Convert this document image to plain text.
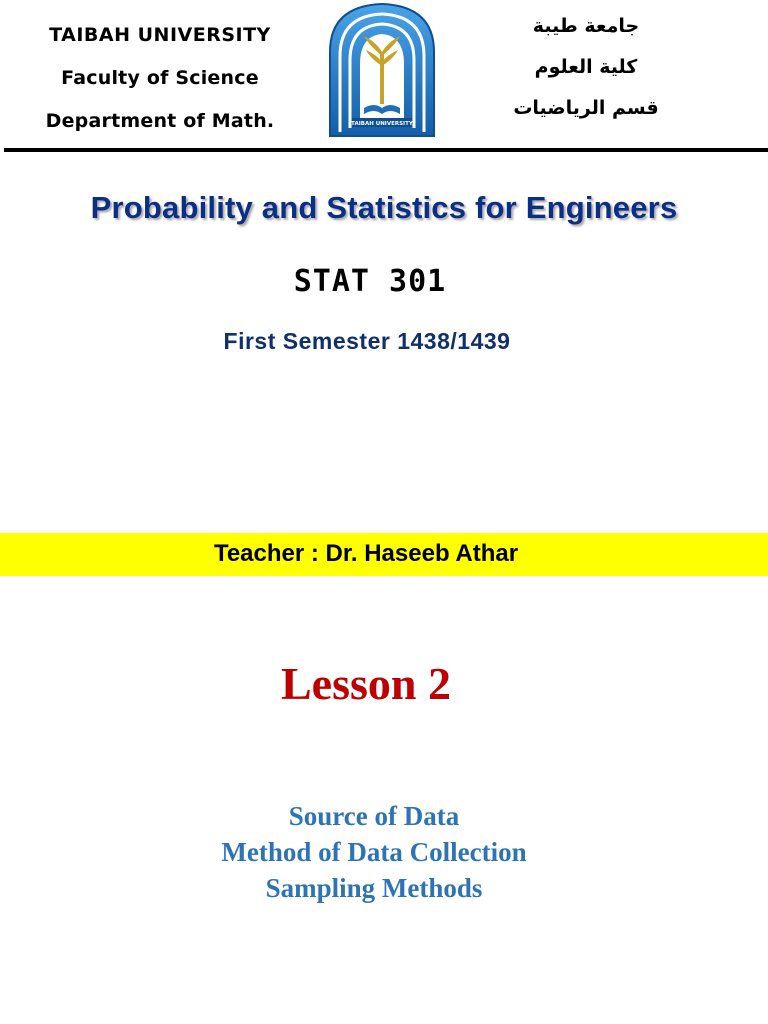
TAIBAH UNIVERSITY
Faculty of Science
Department of Math.	TAIBAH UNIVERSITY
جامعة طيبة
كلية العلوم
قسم الرياضيات
Probability and Statistics for Engineers
STAT 301
First Semester 1438/1439
Teacher : Dr. Haseeb Athar
Lesson 2
Source of Data
Method of Data Collection
Sampling Methods
